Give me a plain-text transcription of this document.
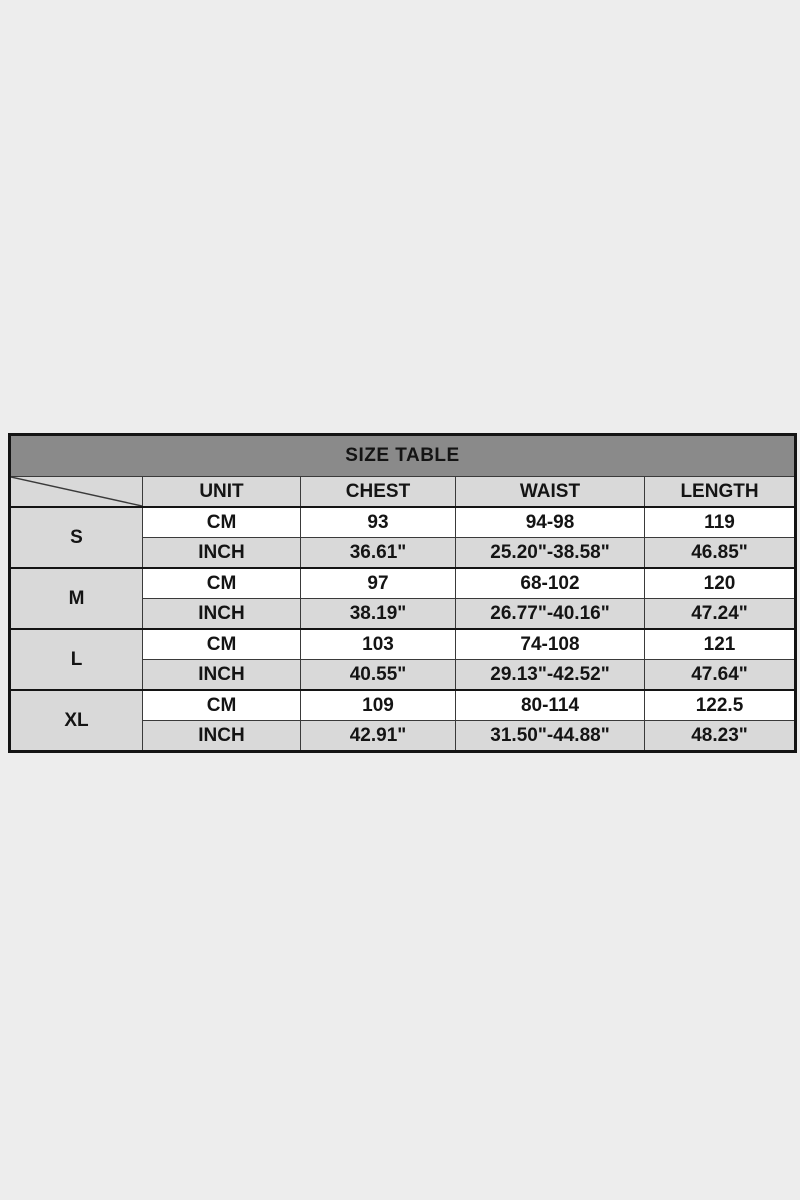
SIZE TABLE				

	UNIT	CHEST	WAIST	LENGTH
S	CM	93	94-98	119
	INCH	36.61"	25.20"-38.58"	46.85"
M	CM	97	68-102	120
	INCH	38.19"	26.77"-40.16"	47.24"
L	CM	103	74-108	121
	INCH	40.55"	29.13"-42.52"	47.64"
XL	CM	109	80-114	122.5
	INCH	42.91"	31.50"-44.88"	48.23"
